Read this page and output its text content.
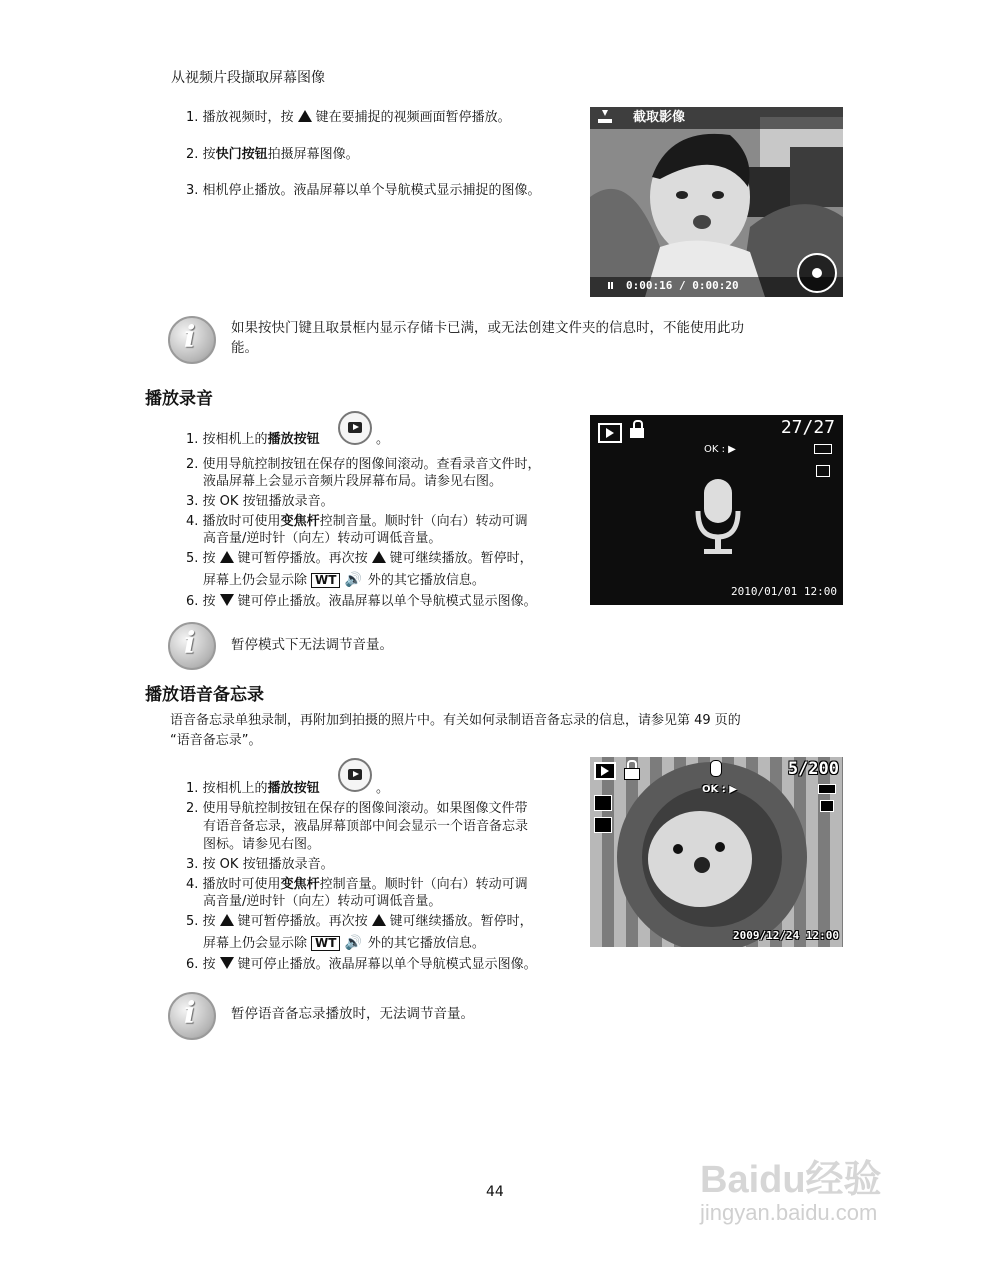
从视频片段撷取屏幕图像
1. 播放视频时，按 键在要捕捉的视频画面暂停播放。
2. 按快门按钮拍摄屏幕图像。
3. 相机停止播放。液晶屏幕以单个导航模式显示捕捉的图像。
截取影像
0:00:16 / 0:00:20
i	如果按快门键且取景框内显示存储卡已满，或无法创建文件夹的信息时，不能使用此功
能。
播放录音
1. 按相机上的播放按钮	。
2. 使用导航控制按钮在保存的图像间滚动。查看录音文件时，
液晶屏幕上会显示音频片段屏幕布局。请参见右图。
3. 按 OK 按钮播放录音。
4. 播放时可使用变焦杆控制音量。顺时针（向右）转动可调
高音量/逆时针（向左）转动可调低音量。
5. 按 键可暂停播放。再次按 键可继续播放。暂停时，
屏幕上仍会显示除 WT 🔊 外的其它播放信息。
6. 按 键可停止播放。液晶屏幕以单个导航模式显示图像。
27/27
OK : ▶
2010/01/01 12:00
i	暂停模式下无法调节音量。
播放语音备忘录
语音备忘录单独录制，再附加到拍摄的照片中。有关如何录制语音备忘录的信息，请参见第 49 页的
“语音备忘录”。
1. 按相机上的播放按钮	。
2. 使用导航控制按钮在保存的图像间滚动。如果图像文件带
有语音备忘录，液晶屏幕顶部中间会显示一个语音备忘录
图标。请参见右图。
3. 按 OK 按钮播放录音。
4. 播放时可使用变焦杆控制音量。顺时针（向右）转动可调
高音量/逆时针（向左）转动可调低音量。
5. 按 键可暂停播放。再次按 键可继续播放。暂停时，
屏幕上仍会显示除 WT 🔊 外的其它播放信息。
6. 按 键可停止播放。液晶屏幕以单个导航模式显示图像。
5/200
OK : ▶
2009/12/24 12:00
i	暂停语音备忘录播放时，无法调节音量。
44	Baidu经验
jingyan.baidu.com
